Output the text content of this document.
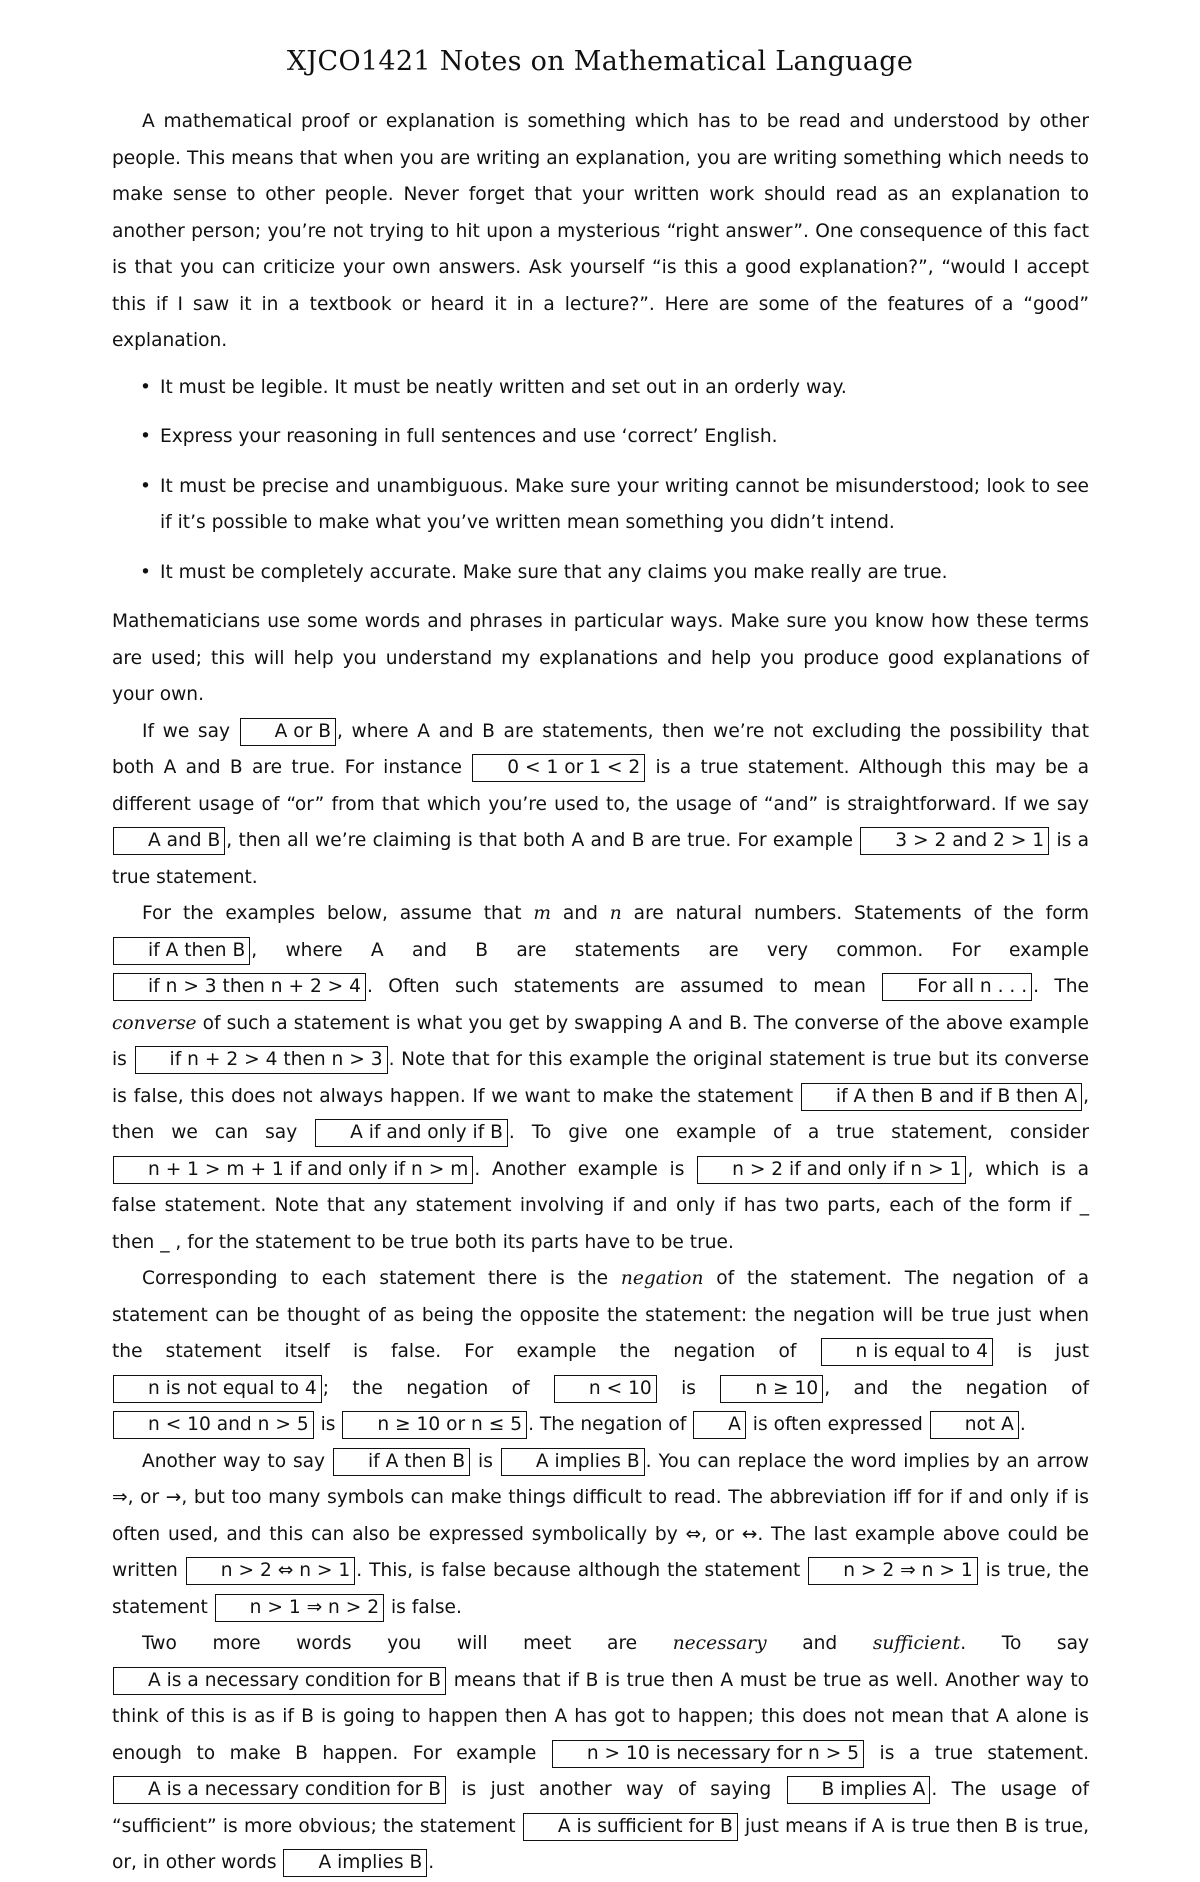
XJCO1421 Notes on Mathematical Language

A mathematical proof or explanation is something which has to be read and understood by other people. This means that when you are writing an explanation, you are writing something which needs to make sense to other people. Never forget that your written work should read as an explanation to another person; you’re not trying to hit upon a mysterious “right answer”. One consequence of this fact is that you can criticize your own answers. Ask yourself “is this a good explanation?”, “would I accept this if I saw it in a textbook or heard it in a lecture?”. Here are some of the features of a “good” explanation.

• It must be legible. It must be neatly written and set out in an orderly way.
• Express your reasoning in full sentences and use ‘correct’ English.
• It must be precise and unambiguous. Make sure your writing cannot be misunderstood; look to see if it’s possible to make what you’ve written mean something you didn’t intend.
• It must be completely accurate. Make sure that any claims you make really are true.

Mathematicians use some words and phrases in particular ways. Make sure you know how these terms are used; this will help you understand my explanations and help you produce good explanations of your own.

If we say A or B , where A and B are statements, then we’re not excluding the possibility that both A and B are true. For instance 0 < 1 or 1 < 2 is a true statement. Although this may be a different usage of “or” from that which you’re used to, the usage of “and” is straightforward. If we say A and B , then all we’re claiming is that both A and B are true. For example 3 > 2 and 2 > 1 is a true statement.

For the examples below, assume that m and n are natural numbers. Statements of the form if A then B , where A and B are statements are very common. For example if n > 3 then n + 2 > 4 . Often such statements are assumed to mean For all n . . . . The converse of such a statement is what you get by swapping A and B. The converse of the above example is if n + 2 > 4 then n > 3 . Note that for this example the original statement is true but its converse is false, this does not always happen. If we want to make the statement if A then B and if B then A , then we can say A if and only if B . To give one example of a true statement, consider n + 1 > m + 1 if and only if n > m . Another example is n > 2 if and only if n > 1 , which is a false statement. Note that any statement involving if and only if has two parts, each of the form if _ then _ , for the statement to be true both its parts have to be true.

Corresponding to each statement there is the negation of the statement. The negation of a statement can be thought of as being the opposite the statement: the negation will be true just when the statement itself is false. For example the negation of n is equal to 4 is just n is not equal to 4 ; the negation of n < 10 is n ≥ 10 , and the negation of n < 10 and n > 5 is n ≥ 10 or n ≤ 5 . The negation of A is often expressed not A .

Another way to say if A then B is A implies B . You can replace the word implies by an arrow ⇒, or →, but too many symbols can make things difficult to read. The abbreviation iff for if and only if is often used, and this can also be expressed symbolically by ⇔, or ↔. The last example above could be written n > 2 ⇔ n > 1 . This, is false because although the statement n > 2 ⇒ n > 1 is true, the statement n > 1 ⇒ n > 2 is false.

Two more words you will meet are necessary and sufficient. To say A is a necessary condition for B means that if B is true then A must be true as well. Another way to think of this is as if B is going to happen then A has got to happen; this does not mean that A alone is enough to make B happen. For example n > 10 is necessary for n > 5 is a true statement. A is a necessary condition for B is just another way of saying B implies A . The usage of “sufficient” is more obvious; the statement A is sufficient for B just means if A is true then B is true, or, in other words A implies B .
